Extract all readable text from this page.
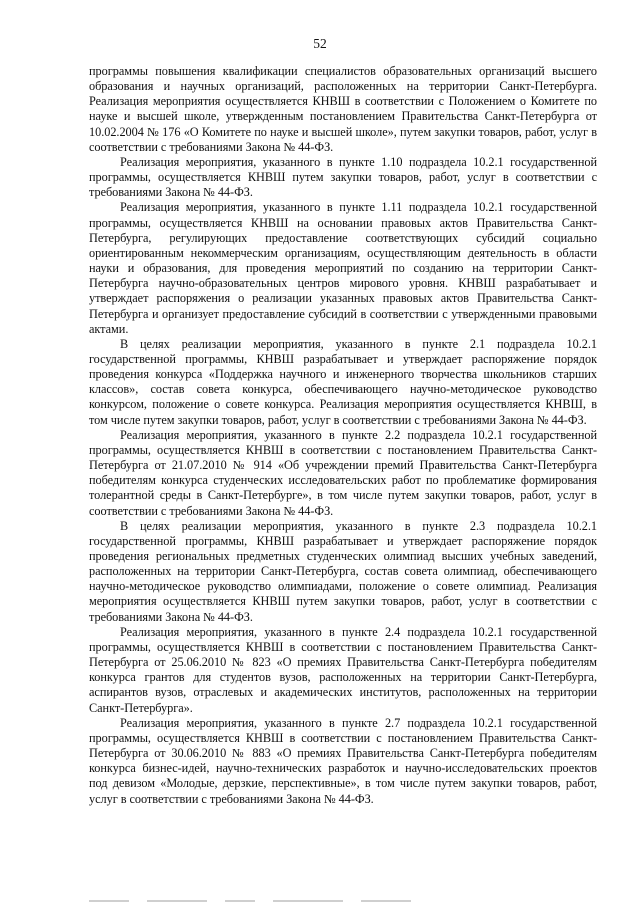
52

программы повышения квалификации специалистов образовательных организаций высшего образования и научных организаций, расположенных на территории Санкт-Петербурга. Реализация мероприятия осуществляется КНВШ в соответствии с Положением о Комитете по науке и высшей школе, утвержденным постановлением Правительства Санкт-Петербурга от 10.02.2004 № 176 «О Комитете по науке и высшей школе», путем закупки товаров, работ, услуг в соответствии с требованиями Закона № 44-ФЗ.

Реализация мероприятия, указанного в пункте 1.10 подраздела 10.2.1 государственной программы, осуществляется КНВШ путем закупки товаров, работ, услуг в соответствии с требованиями Закона № 44-ФЗ.

Реализация мероприятия, указанного в пункте 1.11 подраздела 10.2.1 государственной программы, осуществляется КНВШ на основании правовых актов Правительства Санкт-Петербурга, регулирующих предоставление соответствующих субсидий социально ориентированным некоммерческим организациям, осуществляющим деятельность в области науки и образования, для проведения мероприятий по созданию на территории Санкт-Петербурга научно-образовательных центров мирового уровня. КНВШ разрабатывает и утверждает распоряжения о реализации указанных правовых актов Правительства Санкт-Петербурга и организует предоставление субсидий в соответствии с утвержденными правовыми актами.

В целях реализации мероприятия, указанного в пункте 2.1 подраздела 10.2.1 государственной программы, КНВШ разрабатывает и утверждает распоряжение порядок проведения конкурса «Поддержка научного и инженерного творчества школьников старших классов», состав совета конкурса, обеспечивающего научно-методическое руководство конкурсом, положение о совете конкурса. Реализация мероприятия осуществляется КНВШ, в том числе путем закупки товаров, работ, услуг в соответствии с требованиями Закона № 44-ФЗ.

Реализация мероприятия, указанного в пункте 2.2 подраздела 10.2.1 государственной программы, осуществляется КНВШ в соответствии с постановлением Правительства Санкт-Петербурга от 21.07.2010 № 914 «Об учреждении премий Правительства Санкт-Петербурга победителям конкурса студенческих исследовательских работ по проблематике формирования толерантной среды в Санкт-Петербурге», в том числе путем закупки товаров, работ, услуг в соответствии с требованиями Закона № 44-ФЗ.

В целях реализации мероприятия, указанного в пункте 2.3 подраздела 10.2.1 государственной программы, КНВШ разрабатывает и утверждает распоряжение порядок проведения региональных предметных студенческих олимпиад высших учебных заведений, расположенных на территории Санкт-Петербурга, состав совета олимпиад, обеспечивающего научно-методическое руководство олимпиадами, положение о совете олимпиад. Реализация мероприятия осуществляется КНВШ путем закупки товаров, работ, услуг в соответствии с требованиями Закона № 44-ФЗ.

Реализация мероприятия, указанного в пункте 2.4 подраздела 10.2.1 государственной программы, осуществляется КНВШ в соответствии с постановлением Правительства Санкт-Петербурга от 25.06.2010 № 823 «О премиях Правительства Санкт-Петербурга победителям конкурса грантов для студентов вузов, расположенных на территории Санкт-Петербурга, аспирантов вузов, отраслевых и академических институтов, расположенных на территории Санкт-Петербурга».

Реализация мероприятия, указанного в пункте 2.7 подраздела 10.2.1 государственной программы, осуществляется КНВШ в соответствии с постановлением Правительства Санкт-Петербурга от 30.06.2010 № 883 «О премиях Правительства Санкт-Петербурга победителям конкурса бизнес-идей, научно-технических разработок и научно-исследовательских проектов под девизом «Молодые, дерзкие, перспективные», в том числе путем закупки товаров, работ, услуг в соответствии с требованиями Закона № 44-ФЗ.
